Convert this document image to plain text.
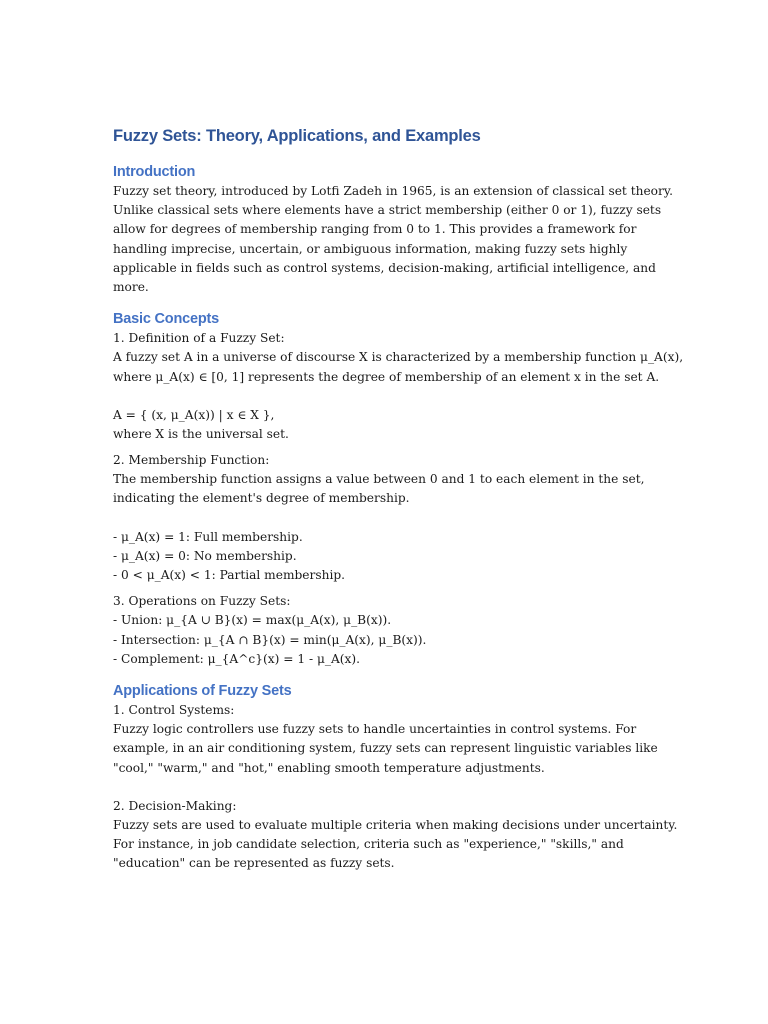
Fuzzy Sets: Theory, Applications, and Examples
Introduction

Fuzzy set theory, introduced by Lotfi Zadeh in 1965, is an extension of classical set theory.

Unlike classical sets where elements have a strict membership (either 0 or 1), fuzzy sets

allow for degrees of membership ranging from 0 to 1. This provides a framework for

handling imprecise, uncertain, or ambiguous information, making fuzzy sets highly

applicable in fields such as control systems, decision-making, artificial intelligence, and

more.

Basic Concepts

1. Definition of a Fuzzy Set:

A fuzzy set A in a universe of discourse X is characterized by a membership function μ_A(x),

where μ_A(x) ∈ [0, 1] represents the degree of membership of an element x in the set A.

A = { (x, μ_A(x)) | x ∈ X },

where X is the universal set.

2. Membership Function:

The membership function assigns a value between 0 and 1 to each element in the set,

indicating the element's degree of membership.

- μ_A(x) = 1: Full membership.

- μ_A(x) = 0: No membership.

- 0 < μ_A(x) < 1: Partial membership.

3. Operations on Fuzzy Sets:

- Union: μ_{A ∪ B}(x) = max(μ_A(x), μ_B(x)).

- Intersection: μ_{A ∩ B}(x) = min(μ_A(x), μ_B(x)).

- Complement: μ_{A^c}(x) = 1 - μ_A(x).

Applications of Fuzzy Sets

1. Control Systems:

Fuzzy logic controllers use fuzzy sets to handle uncertainties in control systems. For

example, in an air conditioning system, fuzzy sets can represent linguistic variables like

"cool," "warm," and "hot," enabling smooth temperature adjustments.

2. Decision-Making:

Fuzzy sets are used to evaluate multiple criteria when making decisions under uncertainty.

For instance, in job candidate selection, criteria such as "experience," "skills," and

"education" can be represented as fuzzy sets.
